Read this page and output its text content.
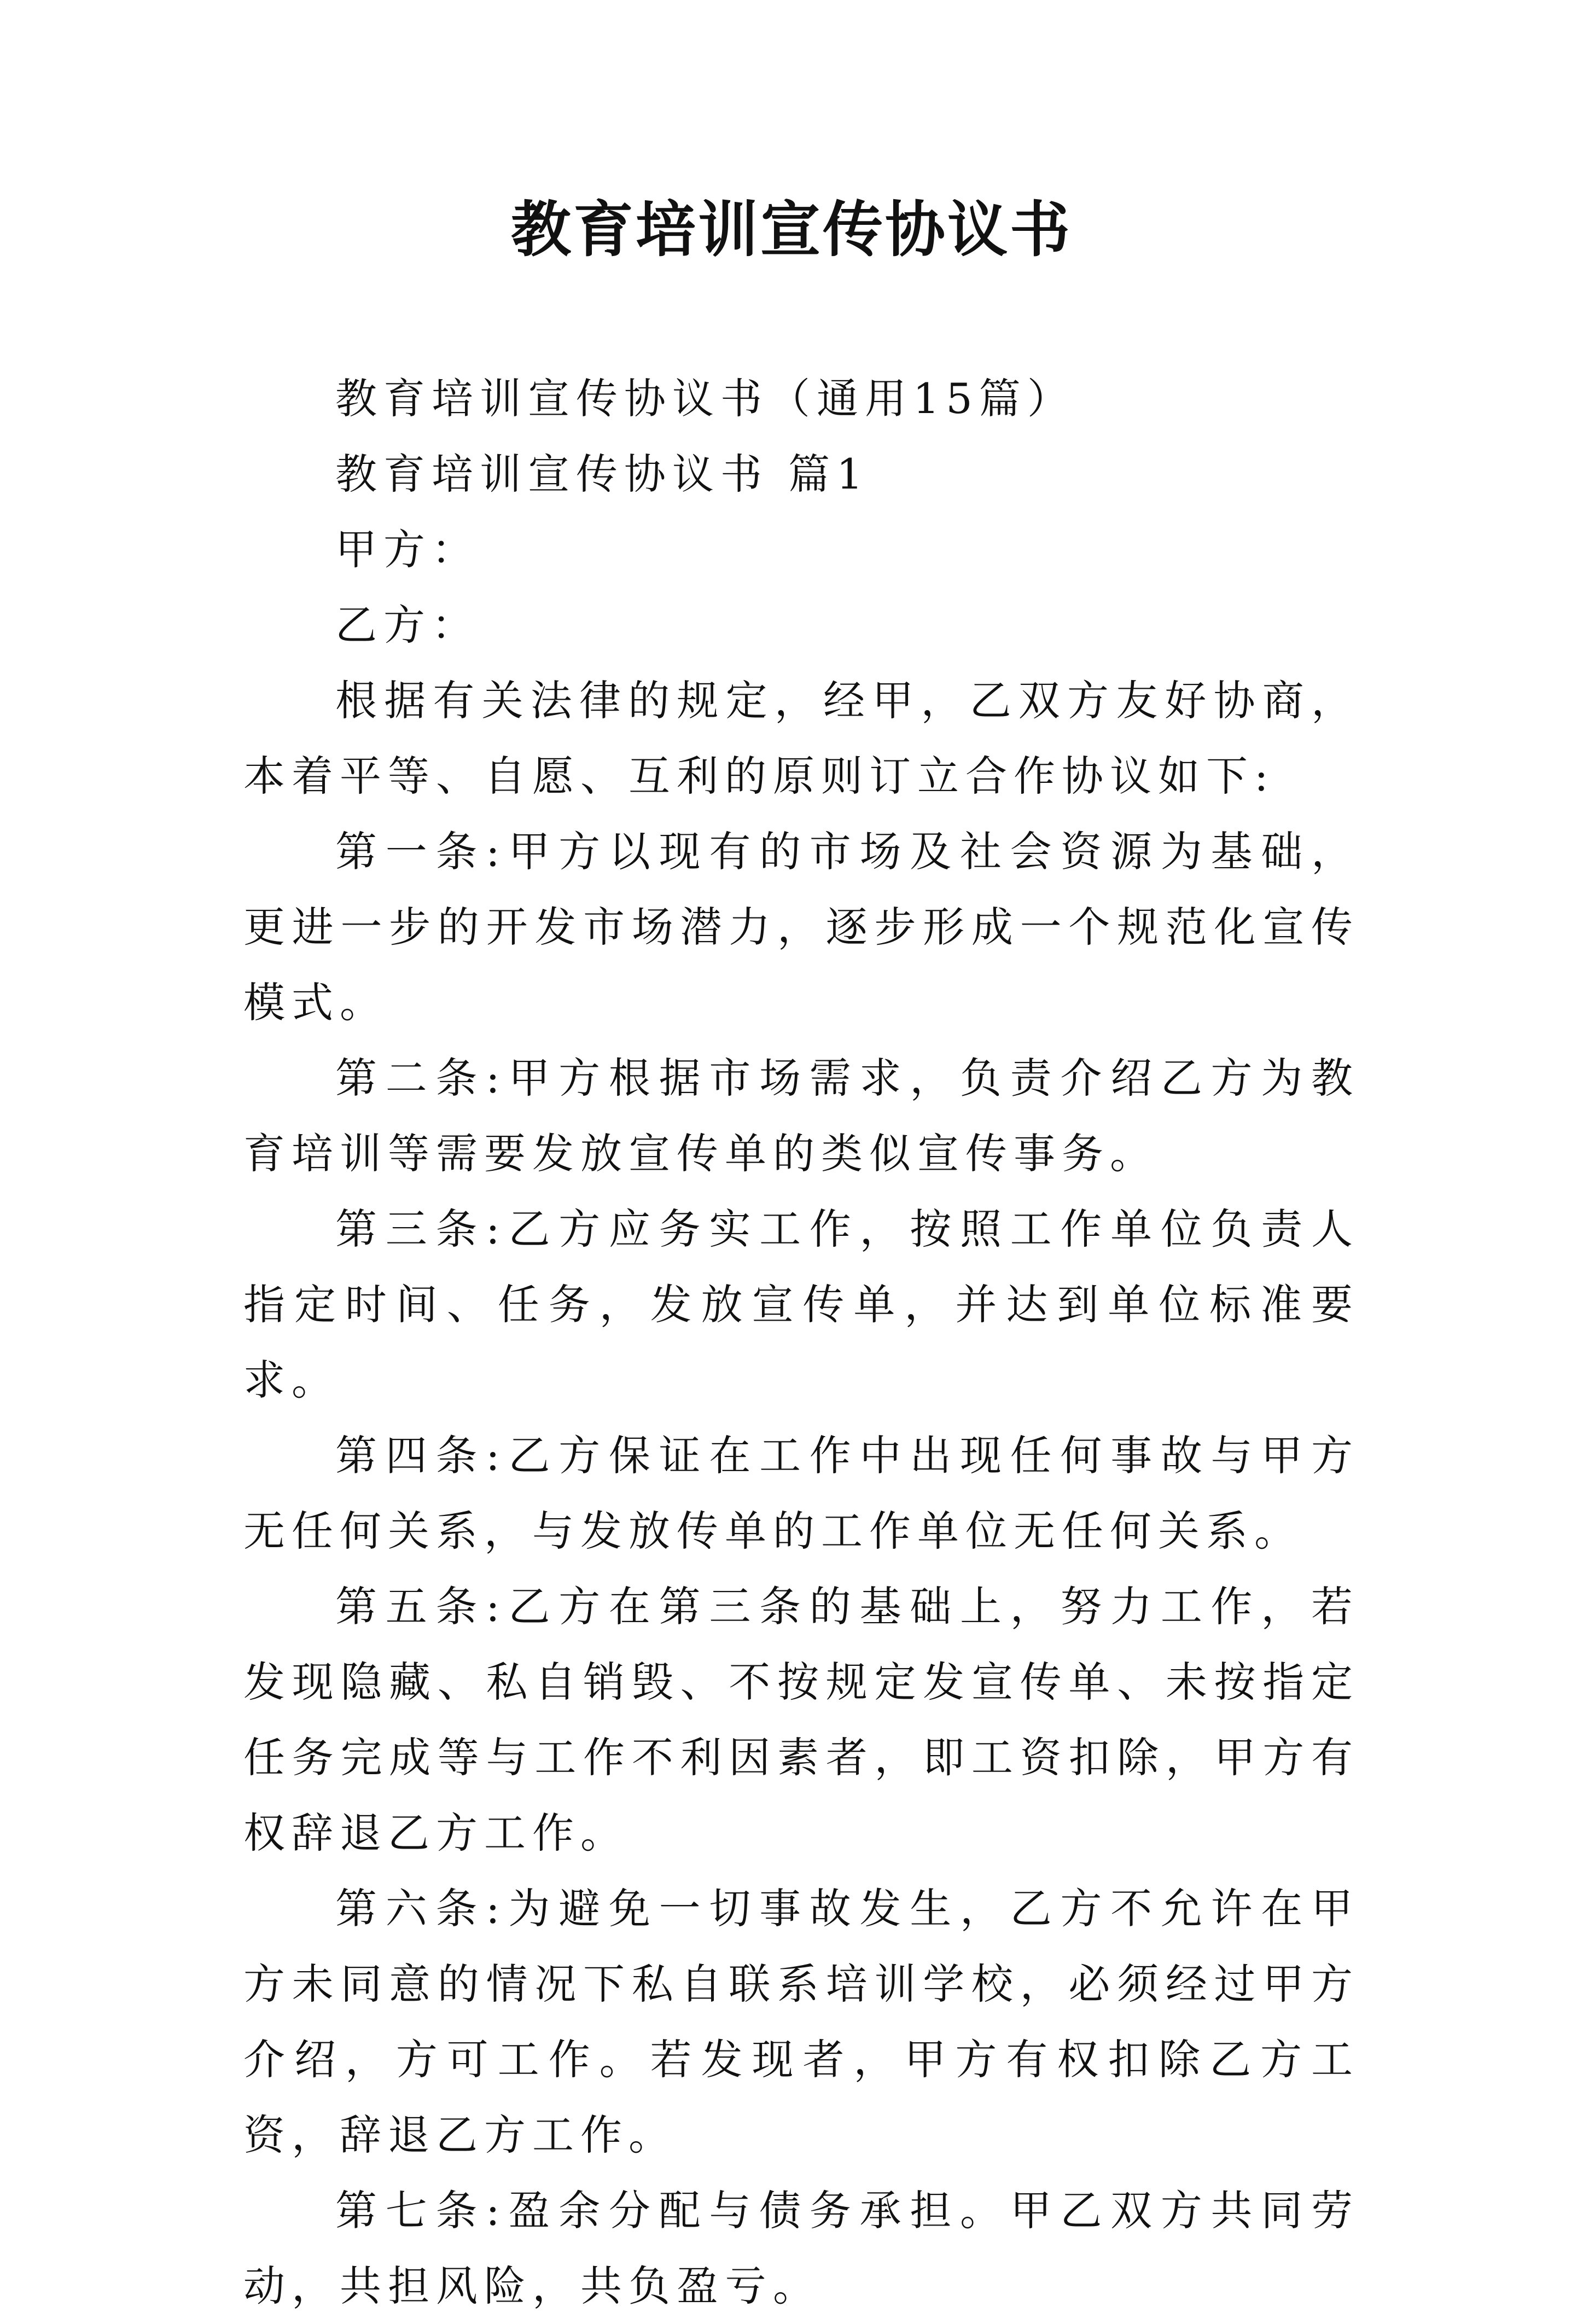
教育培训宣传协议书

教育培训宣传协议书（通用15篇）

教育培训宣传协议书 篇1

甲方：

乙方：

根据有关法律的规定，经甲，乙双方友好协商，本着平等、自愿、互利的原则订立合作协议如下:

第一条:甲方以现有的市场及社会资源为基础，更进一步的开发市场潜力，逐步形成一个规范化宣传模式。

第二条:甲方根据市场需求，负责介绍乙方为教育培训等需要发放宣传单的类似宣传事务。

第三条:乙方应务实工作，按照工作单位负责人指定时间、任务，发放宣传单，并达到单位标准要求。

第四条:乙方保证在工作中出现任何事故与甲方无任何关系，与发放传单的工作单位无任何关系。

第五条:乙方在第三条的基础上，努力工作，若发现隐藏、私自销毁、不按规定发宣传单、未按指定任务完成等与工作不利因素者，即工资扣除，甲方有权辞退乙方工作。

第六条:为避免一切事故发生，乙方不允许在甲方未同意的情况下私自联系培训学校，必须经过甲方介绍，方可工作。若发现者，甲方有权扣除乙方工资，辞退乙方工作。

第七条:盈余分配与债务承担。甲乙双方共同劳动，共担风险，共负盈亏。
